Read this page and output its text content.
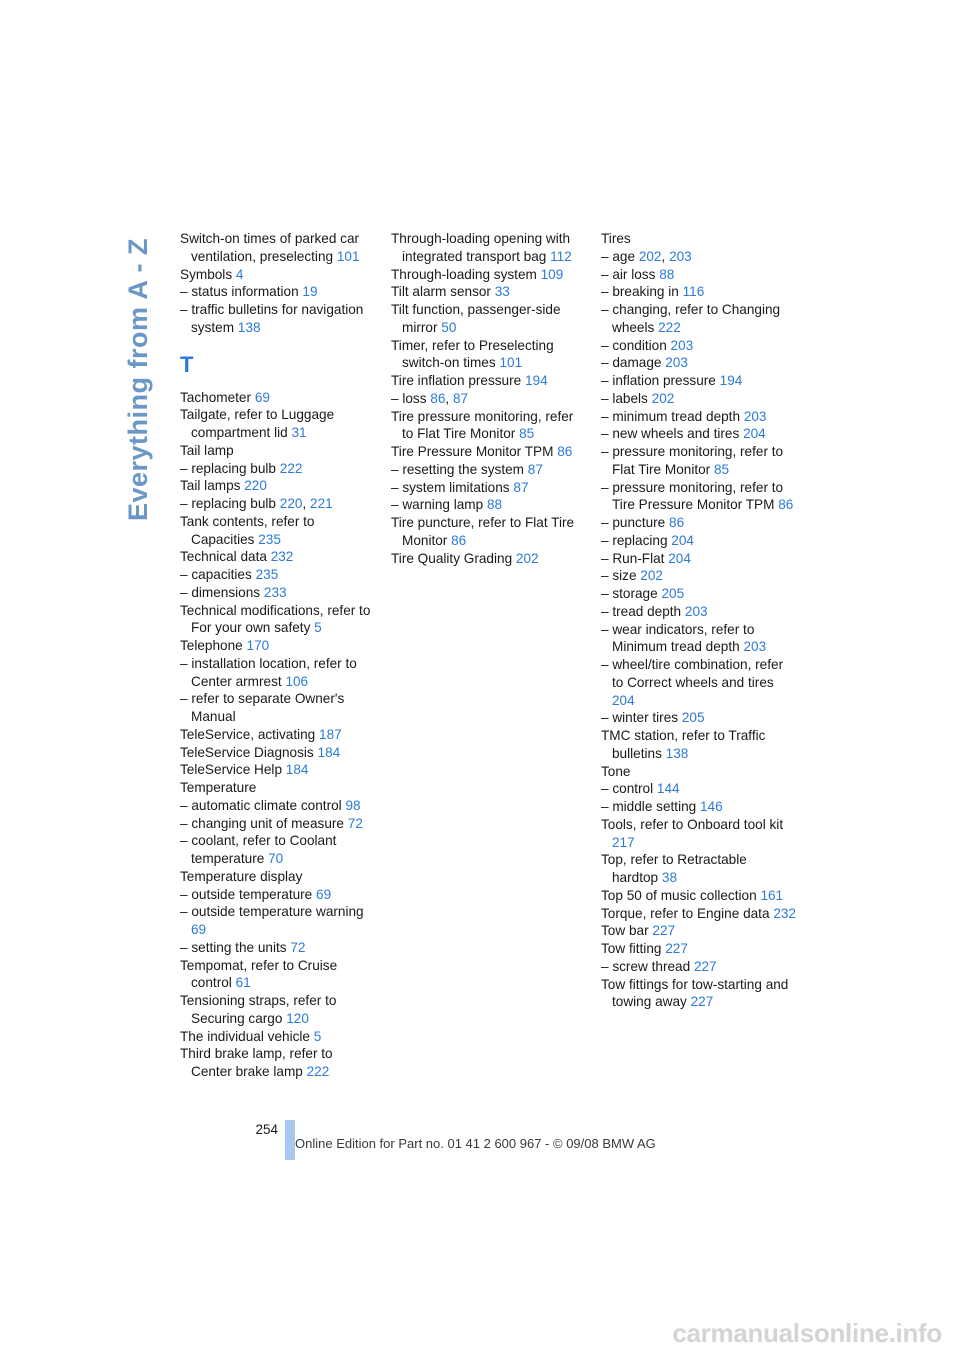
Everything from A - Z Switch-on times of parked car ventilation, preselecting 101
Symbols 4
– status information 19
– traffic bulletins for navigation system 138
T
Tachometer 69
Tailgate, refer to Luggage compartment lid 31
Tail lamp
– replacing bulb 222
Tail lamps 220
– replacing bulb 220, 221
Tank contents, refer to Capacities 235
Technical data 232
– capacities 235
– dimensions 233
Technical modifications, refer to For your own safety 5
Telephone 170
– installation location, refer to Center armrest 106
– refer to separate Owner's Manual
TeleService, activating 187
TeleService Diagnosis 184
TeleService Help 184
Temperature
– automatic climate control 98
– changing unit of measure 72
– coolant, refer to Coolant temperature 70
Temperature display
– outside temperature 69
– outside temperature warning 69
– setting the units 72
Tempomat, refer to Cruise control 61
Tensioning straps, refer to Securing cargo 120
The individual vehicle 5
Third brake lamp, refer to Center brake lamp 222
Through-loading opening with integrated transport bag 112
Through-loading system 109
Tilt alarm sensor 33
Tilt function, passenger-side mirror 50
Timer, refer to Preselecting switch-on times 101
Tire inflation pressure 194
– loss 86, 87
Tire pressure monitoring, refer to Flat Tire Monitor 85
Tire Pressure Monitor TPM 86
– resetting the system 87
– system limitations 87
– warning lamp 88
Tire puncture, refer to Flat Tire Monitor 86
Tire Quality Grading 202
Tires
– age 202, 203
– air loss 88
– breaking in 116
– changing, refer to Changing wheels 222
– condition 203
– damage 203
– inflation pressure 194
– labels 202
– minimum tread depth 203
– new wheels and tires 204
– pressure monitoring, refer to Flat Tire Monitor 85
– pressure monitoring, refer to Tire Pressure Monitor TPM 86
– puncture 86
– replacing 204
– Run-Flat 204
– size 202
– storage 205
– tread depth 203
– wear indicators, refer to Minimum tread depth 203
– wheel/tire combination, refer to Correct wheels and tires 204
– winter tires 205
TMC station, refer to Traffic bulletins 138
Tone
– control 144
– middle setting 146
Tools, refer to Onboard tool kit 217
Top, refer to Retractable hardtop 38
Top 50 of music collection 161
Torque, refer to Engine data 232
Tow bar 227
Tow fitting 227
– screw thread 227
Tow fittings for tow-starting and towing away 227
254
Online Edition for Part no. 01 41 2 600 967 - © 09/08 BMW AG
carmanualsonline.info
